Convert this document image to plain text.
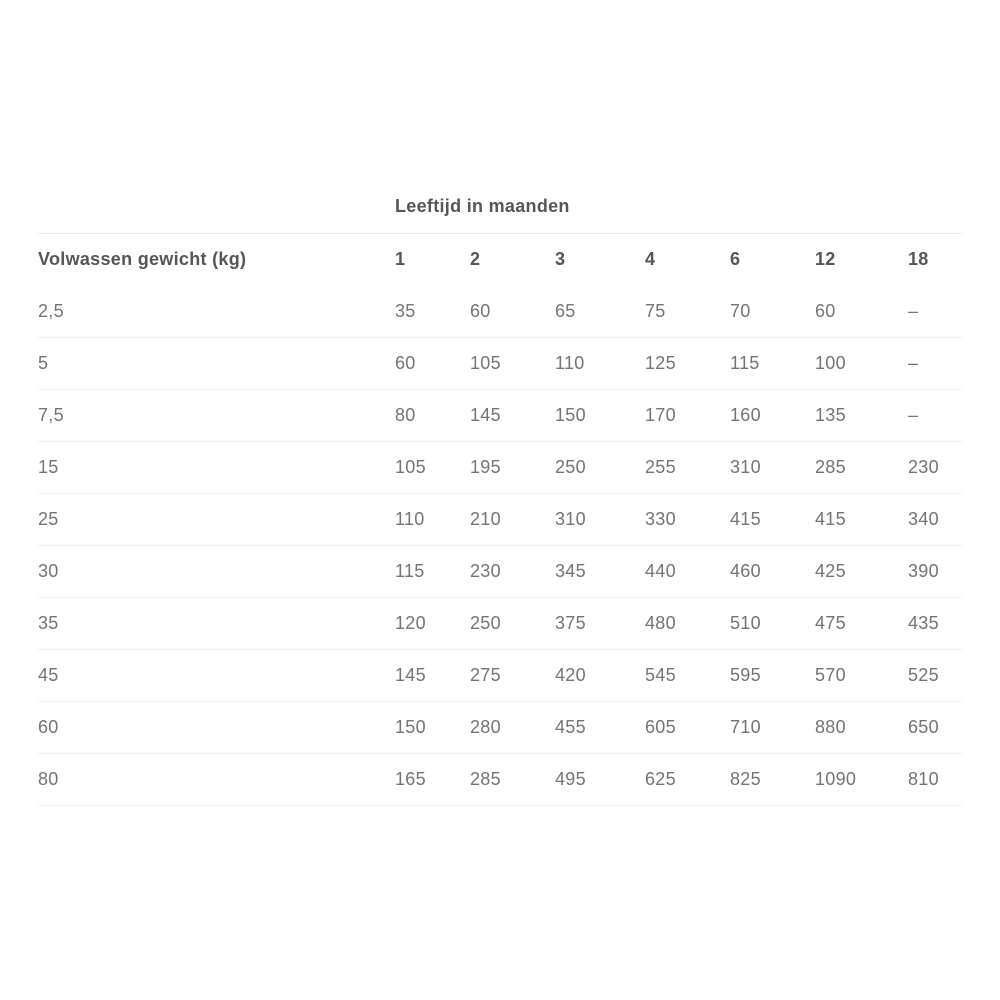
Leeftijd in maanden
Volwassen gewicht (kg)	1	2	3	4	6	12	18
2,5	35	60	65	75	70	60	–
5	60	105	110	125	115	100	–
7,5	80	145	150	170	160	135	–
15	105	195	250	255	310	285	230
25	110	210	310	330	415	415	340
30	115	230	345	440	460	425	390
35	120	250	375	480	510	475	435
45	145	275	420	545	595	570	525
60	150	280	455	605	710	880	650
80	165	285	495	625	825	1090	810
